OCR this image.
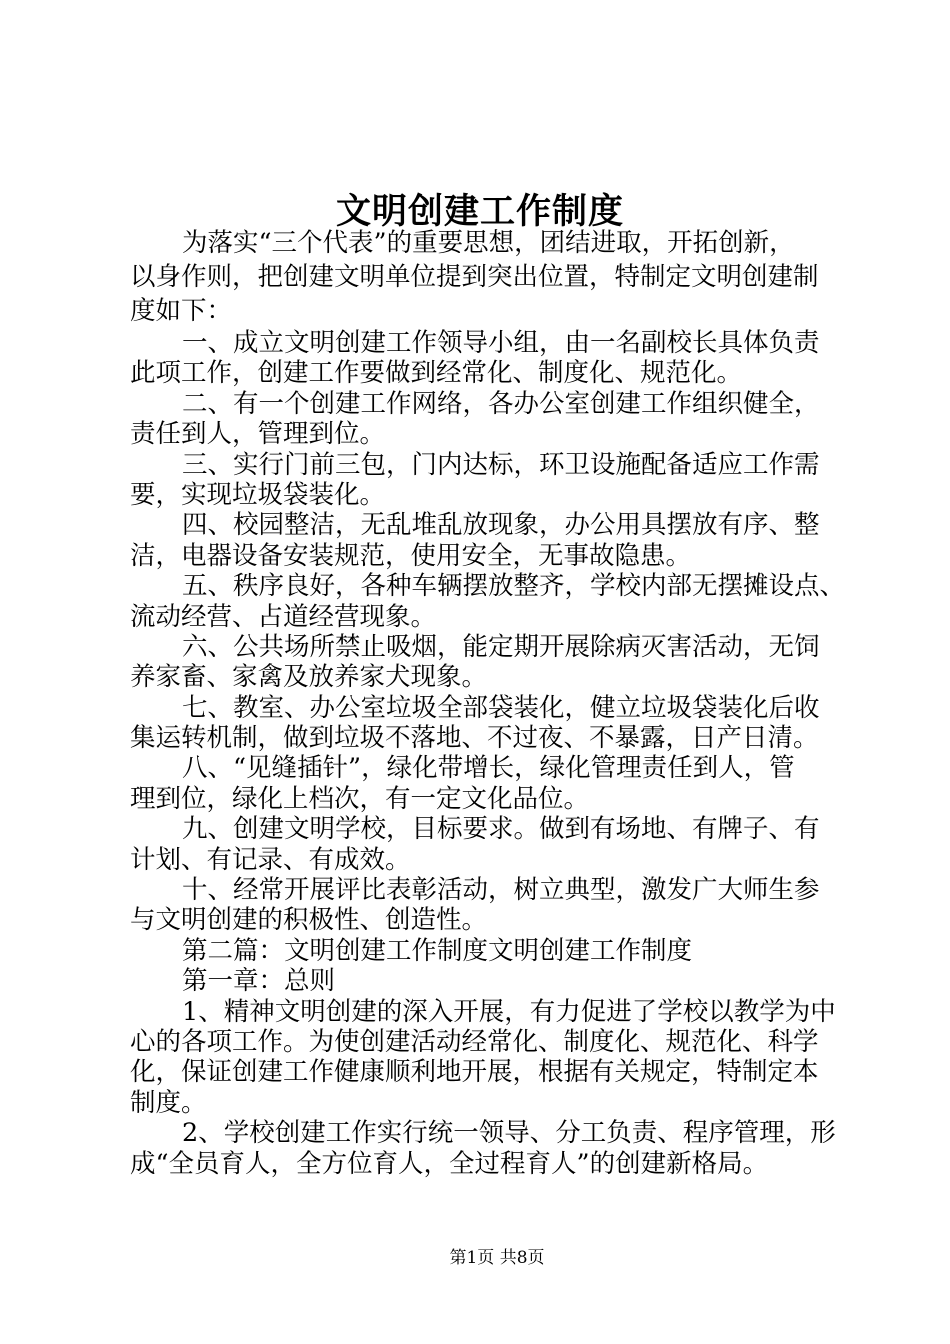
文明创建工作制度
为落实“三个代表”的重要思想，团结进取，开拓创新，
以身作则，把创建文明单位提到突出位置，特制定文明创建制
度如下：
一、成立文明创建工作领导小组，由一名副校长具体负责
此项工作，创建工作要做到经常化、制度化、规范化。
二、有一个创建工作网络，各办公室创建工作组织健全，
责任到人，管理到位。
三、实行门前三包，门内达标，环卫设施配备适应工作需
要，实现垃圾袋装化。
四、校园整洁，无乱堆乱放现象，办公用具摆放有序、整
洁，电器设备安装规范，使用安全，无事故隐患。
五、秩序良好，各种车辆摆放整齐，学校内部无摆摊设点、
流动经营、占道经营现象。
六、公共场所禁止吸烟，能定期开展除病灭害活动，无饲
养家畜、家禽及放养家犬现象。
七、教室、办公室垃圾全部袋装化，健立垃圾袋装化后收
集运转机制，做到垃圾不落地、不过夜、不暴露，日产日清。
八、“见缝插针”，绿化带增长，绿化管理责任到人，管
理到位，绿化上档次，有一定文化品位。
九、创建文明学校，目标要求。做到有场地、有牌子、有
计划、有记录、有成效。
十、经常开展评比表彰活动，树立典型，激发广大师生参
与文明创建的积极性、创造性。
第二篇：文明创建工作制度文明创建工作制度
第一章：总则
1、精神文明创建的深入开展，有力促进了学校以教学为中
心的各项工作。为使创建活动经常化、制度化、规范化、科学
化，保证创建工作健康顺利地开展，根据有关规定，特制定本
制度。
2、学校创建工作实行统一领导、分工负责、程序管理，形
成“全员育人，全方位育人，全过程育人”的创建新格局。
第1页 共8页
